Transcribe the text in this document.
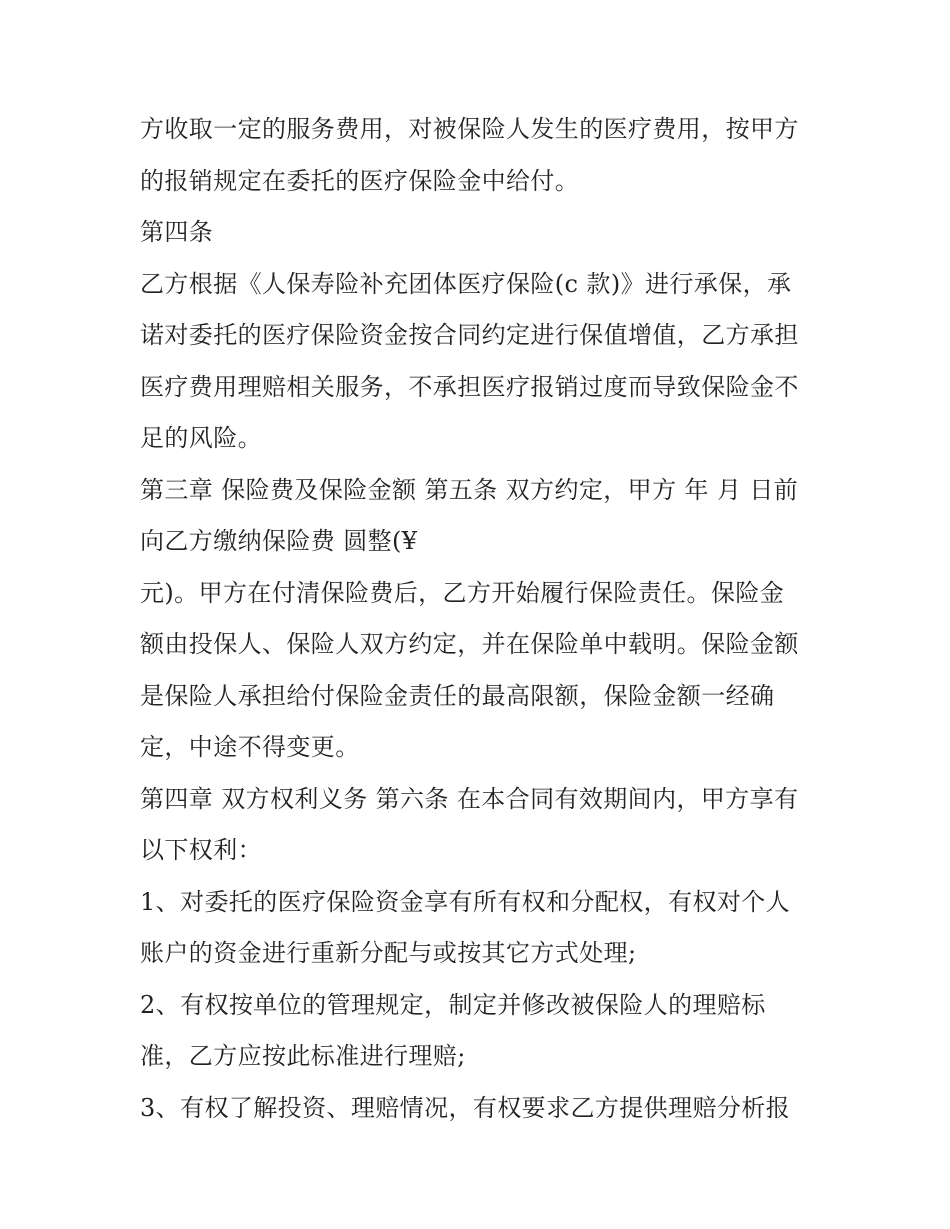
方收取一定的服务费用，对被保险人发生的医疗费用，按甲方
的报销规定在委托的医疗保险金中给付。
第四条
乙方根据《人保寿险补充团体医疗保险(c 款)》进行承保，承
诺对委托的医疗保险资金按合同约定进行保值增值，乙方承担
医疗费用理赔相关服务，不承担医疗报销过度而导致保险金不
足的风险。
第三章 保险费及保险金额 第五条 双方约定，甲方 年 月 日前
向乙方缴纳保险费 圆整(¥
元)。甲方在付清保险费后，乙方开始履行保险责任。保险金
额由投保人、保险人双方约定，并在保险单中载明。保险金额
是保险人承担给付保险金责任的最高限额，保险金额一经确
定，中途不得变更。
第四章 双方权利义务 第六条 在本合同有效期间内，甲方享有
以下权利：
1、对委托的医疗保险资金享有所有权和分配权，有权对个人
账户的资金进行重新分配与或按其它方式处理;
2、有权按单位的管理规定，制定并修改被保险人的理赔标
准，乙方应按此标准进行理赔;
3、有权了解投资、理赔情况，有权要求乙方提供理赔分析报
